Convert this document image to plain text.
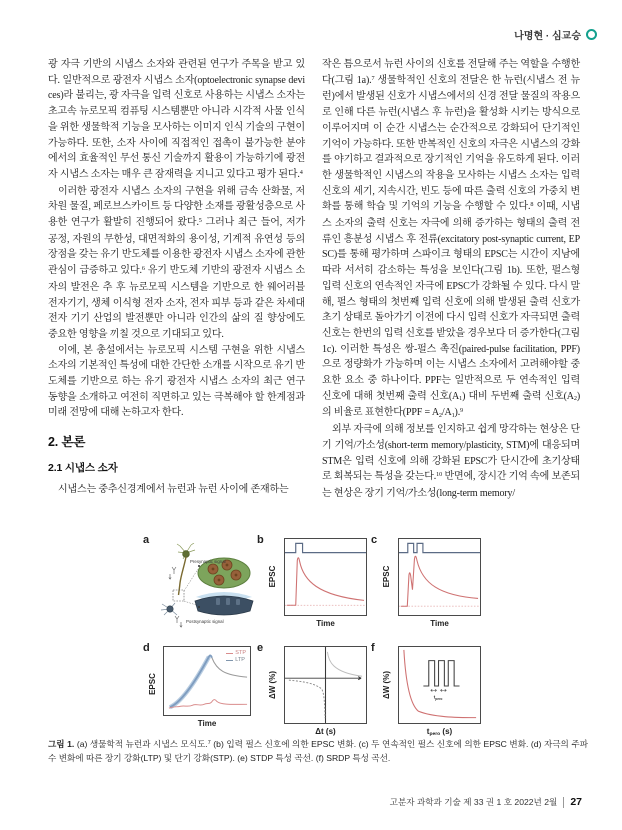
나명현 · 심교승

광 자극 기반의 시냅스 소자와 관련된 연구가 주목을 받고 있다. 일반적으로 광전자 시냅스 소자(optoelectronic synapse devices)라 불리는, 광 자극을 입력 신호로 사용하는 시냅스 소자는 초고속 뉴로모픽 컴퓨팅 시스템뿐만 아니라 시각적 사물 인식을 위한 생물학적 기능을 모사하는 이미지 인식 기술의 구현이 가능하다. 또한, 소자 사이에 직접적인 접촉이 불가능한 분야에서의 효율적인 무선 통신 기술까지 활용이 가능하기에 광전자 시냅스 소자는 매우 큰 잠재력을 지니고 있다고 평가 된다.$^4$

이러한 광전자 시냅스 소자의 구현을 위해 금속 산화물, 저차원 물질, 페로브스카이트 등 다양한 소재를 광활성층으로 사용한 연구가 활발히 진행되어 왔다.$^5$ 그러나 최근 들어, 저가 공정, 자원의 무한성, 대면적화의 용이성, 기계적 유연성 등의 장점을 갖는 유기 반도체를 이용한 광전자 시냅스 소자에 관한 관심이 급증하고 있다.$^6$ 유기 반도체 기반의 광전자 시냅스 소자의 발전은 추 후 뉴로모픽 시스템을 기반으로 한 웨어러블 전자기기, 생체 이식형 전자 소자, 전자 피부 등과 같은 차세대 전자 기기 산업의 발전뿐만 아니라 인간의 삶의 질 향상에도 중요한 영향을 끼칠 것으로 기대되고 있다.

이에, 본 총설에서는 뉴로모픽 시스템 구현을 위한 시냅스 소자의 기본적인 특성에 대한 간단한 소개를 시작으로 유기 반도체를 기반으로 하는 유기 광전자 시냅스 소자의 최근 연구 동향을 소개하고 여전히 직면하고 있는 극복해야 할 한계점과 미래 전망에 대해 논하고자 한다.

2. 본론
2.1 시냅스 소자

시냅스는 중추신경계에서 뉴런과 뉴런 사이에 존재하는

작은 틈으로서 뉴런 사이의 신호를 전달해 주는 역할을 수행한다(그림 1a).$^7$ 생물학적인 신호의 전달은 한 뉴런(시냅스 전 뉴런)에서 발생된 신호가 시냅스에서의 신경 전달 물질의 작용으로 인해 다른 뉴런(시냅스 후 뉴런)을 활성화 시키는 방식으로 이루어지며 이 순간 시냅스는 순간적으로 강화되어 단기적인 기억이 가능하다. 또한 반복적인 신호의 자극은 시냅스의 강화를 야기하고 결과적으로 장기적인 기억을 유도하게 된다. 이러한 생물학적인 시냅스의 작용을 모사하는 시냅스 소자는 입력신호의 세기, 지속시간, 빈도 등에 따른 출력 신호의 가중치 변화를 통해 학습 및 기억의 기능을 수행할 수 있다.$^8$ 이때, 시냅스 소자의 출력 신호는 자극에 의해 증가하는 형태의 출력 전류인 흥분성 시냅스 후 전류(excitatory post-synaptic current, EPSC)를 통해 평가하며 스파이크 형태의 EPSC는 시간이 지남에 따라 서서히 감소하는 특성을 보인다(그림 1b). 또한, 펄스형 입력 신호의 연속적인 자극에 EPSC가 강화될 수 있다. 다시 말해, 펄스 형태의 첫번째 입력 신호에 의해 발생된 출력 신호가 초기 상태로 돌아가기 이전에 다시 입력 신호가 자극되면 출력 신호는 한번의 입력 신호를 받았을 경우보다 더 증가한다(그림 1c). 이러한 특성은 쌍-펄스 촉진(paired-pulse facilitation, PPF)으로 정량화가 가능하며 이는 시냅스 소자에서 고려해야할 중요한 요소 중 하나이다. PPF는 일반적으로 두 연속적인 입력 신호에 대해 첫번째 출력 신호$(A_1)$ 대비 두번째 출력 신호$(A_2)$의 비율로 표현한다$(PPF = A_2/A_1).^9$

외부 자극에 의해 정보를 인지하고 쉽게 망각하는 현상은 단기 기억/가소성(short-term memory/plasticity, STM)에 대응되며 STM은 입력 신호에 의해 강화된 EPSC가 단시간에 초기상태로 회복되는 특성을 갖는다.$^{10}$ 반면에, 장시간 기억 속에 보존되는 현상은 장기 기억/가소성(long-term memory/

a	b	c
d	e	f
Presynaptic signal
Postsynaptic signal
EPSC
Time
EPSC
Time
EPSC
STP
LTP
Time
ΔW (%)
Δt (s)
ΔW (%)	$t_{pero}$
$t_{pero}$ (s)
그림 1. (a) 생물학적 뉴런과 시냅스 모식도.$^7$ (b) 입력 펄스 신호에 의한 EPSC 변화. (c) 두 연속적인 펄스 신호에 의한 EPSC 변화. (d) 자극의 주파수 변화에 따른 장기 강화(LTP) 및 단기 강화(STP). (e) STDP 특성 곡선. (f) SRDP 특성 곡선.
고분자 과학과 기술 제 33 권 1 호 2022년 2월 27
